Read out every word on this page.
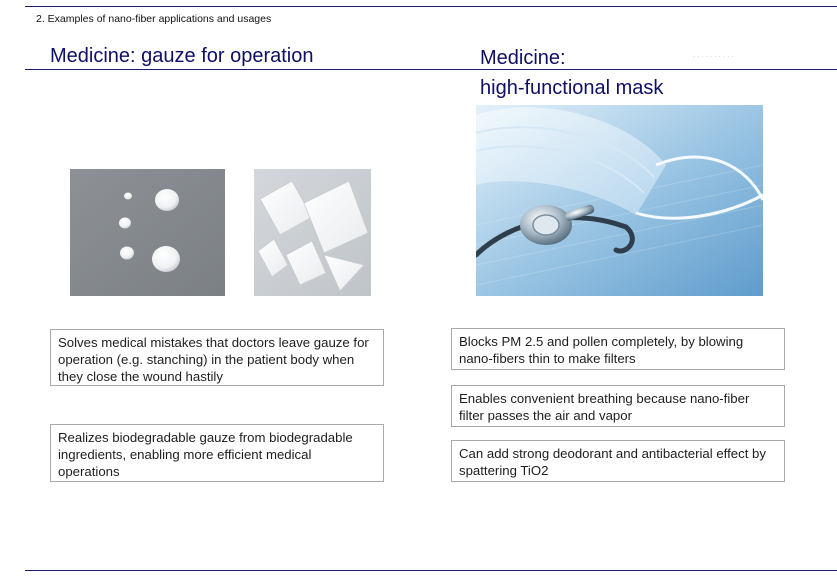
2. Examples of nano-fiber applications and usages
Medicine: gauze for operation	Medicine:	· · · · · · · · · ·
high-functional mask
Solves medical mistakes that doctors leave gauze for operation (e.g. stanching) in the patient body when they close the wound hastily
Realizes biodegradable gauze from biodegradable ingredients, enabling more efficient medical operations
Blocks PM 2.5 and pollen completely, by blowing nano-fibers thin to make filters
Enables convenient breathing because nano-fiber filter passes the air and vapor
Can add strong deodorant and antibacterial effect by spattering TiO2
